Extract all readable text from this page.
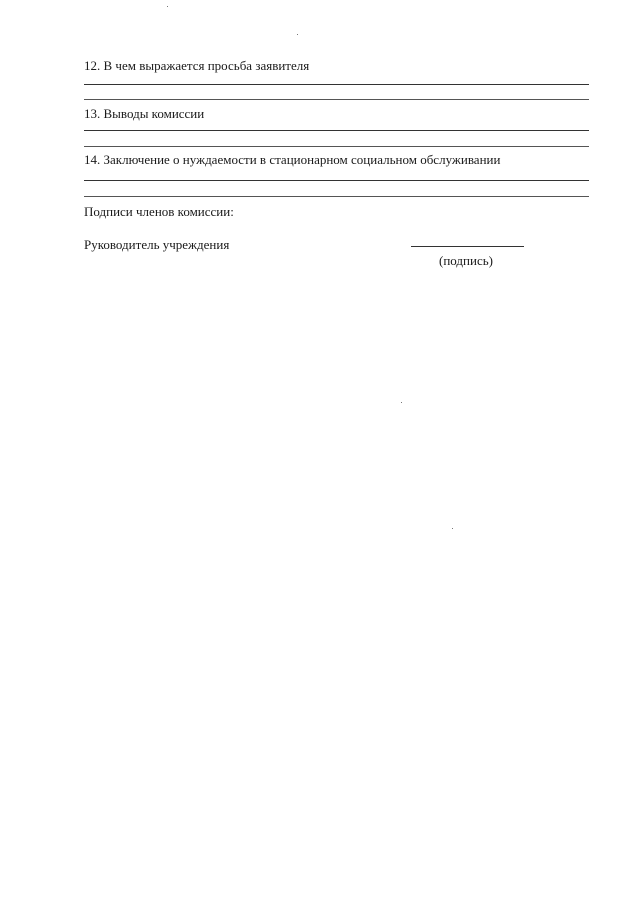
12. В чем выражается просьба заявителя
13. Выводы комиссии
14. Заключение о нуждаемости в стационарном социальном обслуживании
Подписи членов комиссии:
Руководитель учреждения
(подпись)
